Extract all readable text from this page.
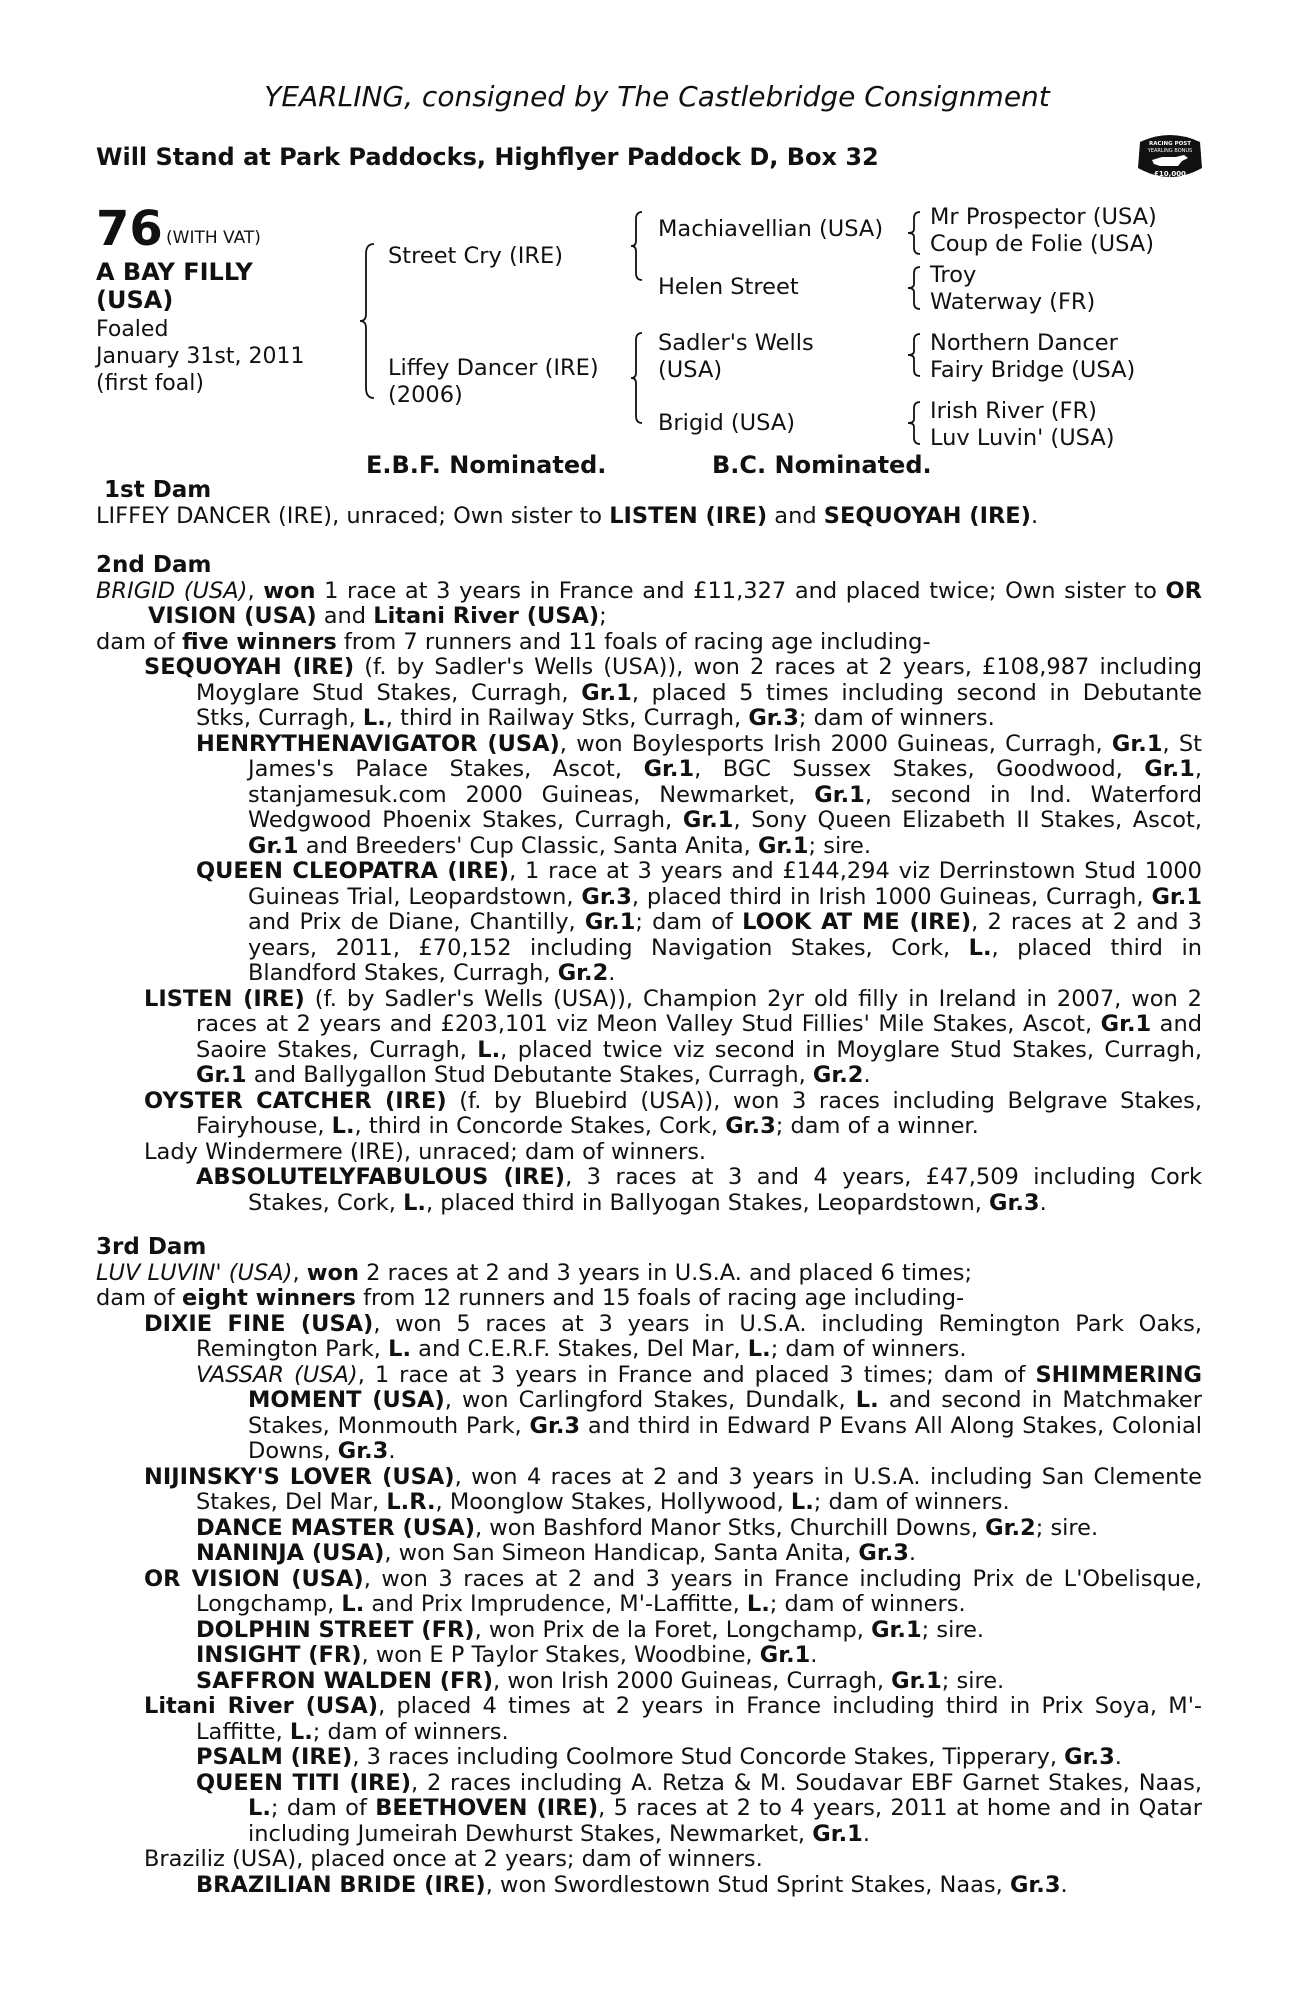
YEARLING, consigned by The Castlebridge Consignment
Will Stand at Park Paddocks, Highflyer Paddock D, Box 32	RACING POST
YEARLING BONUS
£10,000
76 (WITH VAT)
A BAY FILLY
(USA)
Foaled
January 31st, 2011
(first foal)
Street Cry (IRE)
Liffey Dancer (IRE)
(2006)
Machiavellian (USA)
Helen Street
Sadler's Wells
(USA)
Brigid (USA)
Mr Prospector (USA)
Coup de Folie (USA)
Troy
Waterway (FR)
Northern Dancer
Fairy Bridge (USA)
Irish River (FR)
Luv Luvin' (USA)
E.B.F. Nominated.	B.C. Nominated.
1st Dam

LIFFEY DANCER (IRE), unraced; Own sister to LISTEN (IRE) and SEQUOYAH (IRE).

2nd Dam

BRIGID (USA), won 1 race at 3 years in France and £11,327 and placed twice; Own sister to OR VISION (USA) and Litani River (USA);

dam of five winners from 7 runners and 11 foals of racing age including-

SEQUOYAH (IRE) (f. by Sadler's Wells (USA)), won 2 races at 2 years, £108,987 including Moyglare Stud Stakes, Curragh, Gr.1, placed 5 times including second in Debutante Stks, Curragh, L., third in Railway Stks, Curragh, Gr.3; dam of winners.

HENRYTHENAVIGATOR (USA), won Boylesports Irish 2000 Guineas, Curragh, Gr.1, St James's Palace Stakes, Ascot, Gr.1, BGC Sussex Stakes, Goodwood, Gr.1, stanjamesuk.com 2000 Guineas, Newmarket, Gr.1, second in Ind. Waterford Wedgwood Phoenix Stakes, Curragh, Gr.1, Sony Queen Elizabeth II Stakes, Ascot, Gr.1 and Breeders' Cup Classic, Santa Anita, Gr.1; sire.

QUEEN CLEOPATRA (IRE), 1 race at 3 years and £144,294 viz Derrinstown Stud 1000 Guineas Trial, Leopardstown, Gr.3, placed third in Irish 1000 Guineas, Curragh, Gr.1 and Prix de Diane, Chantilly, Gr.1; dam of LOOK AT ME (IRE), 2 races at 2 and 3 years, 2011, £70,152 including Navigation Stakes, Cork, L., placed third in Blandford Stakes, Curragh, Gr.2.

LISTEN (IRE) (f. by Sadler's Wells (USA)), Champion 2yr old filly in Ireland in 2007, won 2 races at 2 years and £203,101 viz Meon Valley Stud Fillies' Mile Stakes, Ascot, Gr.1 and Saoire Stakes, Curragh, L., placed twice viz second in Moyglare Stud Stakes, Curragh, Gr.1 and Ballygallon Stud Debutante Stakes, Curragh, Gr.2.

OYSTER CATCHER (IRE) (f. by Bluebird (USA)), won 3 races including Belgrave Stakes, Fairyhouse, L., third in Concorde Stakes, Cork, Gr.3; dam of a winner.

Lady Windermere (IRE), unraced; dam of winners.

ABSOLUTELYFABULOUS (IRE), 3 races at 3 and 4 years, £47,509 including Cork Stakes, Cork, L., placed third in Ballyogan Stakes, Leopardstown, Gr.3.

3rd Dam

LUV LUVIN' (USA), won 2 races at 2 and 3 years in U.S.A. and placed 6 times;

dam of eight winners from 12 runners and 15 foals of racing age including-

DIXIE FINE (USA), won 5 races at 3 years in U.S.A. including Remington Park Oaks, Remington Park, L. and C.E.R.F. Stakes, Del Mar, L.; dam of winners.

VASSAR (USA), 1 race at 3 years in France and placed 3 times; dam of SHIMMERING MOMENT (USA), won Carlingford Stakes, Dundalk, L. and second in Matchmaker Stakes, Monmouth Park, Gr.3 and third in Edward P Evans All Along Stakes, Colonial Downs, Gr.3.

NIJINSKY'S LOVER (USA), won 4 races at 2 and 3 years in U.S.A. including San Clemente Stakes, Del Mar, L.R., Moonglow Stakes, Hollywood, L.; dam of winners.

DANCE MASTER (USA), won Bashford Manor Stks, Churchill Downs, Gr.2; sire.

NANINJA (USA), won San Simeon Handicap, Santa Anita, Gr.3.

OR VISION (USA), won 3 races at 2 and 3 years in France including Prix de L'Obelisque, Longchamp, L. and Prix Imprudence, M'-Laffitte, L.; dam of winners.

DOLPHIN STREET (FR), won Prix de la Foret, Longchamp, Gr.1; sire.

INSIGHT (FR), won E P Taylor Stakes, Woodbine, Gr.1.

SAFFRON WALDEN (FR), won Irish 2000 Guineas, Curragh, Gr.1; sire.

Litani River (USA), placed 4 times at 2 years in France including third in Prix Soya, M'-Laffitte, L.; dam of winners.

PSALM (IRE), 3 races including Coolmore Stud Concorde Stakes, Tipperary, Gr.3.

QUEEN TITI (IRE), 2 races including A. Retza & M. Soudavar EBF Garnet Stakes, Naas, L.; dam of BEETHOVEN (IRE), 5 races at 2 to 4 years, 2011 at home and in Qatar including Jumeirah Dewhurst Stakes, Newmarket, Gr.1.

Braziliz (USA), placed once at 2 years; dam of winners.

BRAZILIAN BRIDE (IRE), won Swordlestown Stud Sprint Stakes, Naas, Gr.3.
